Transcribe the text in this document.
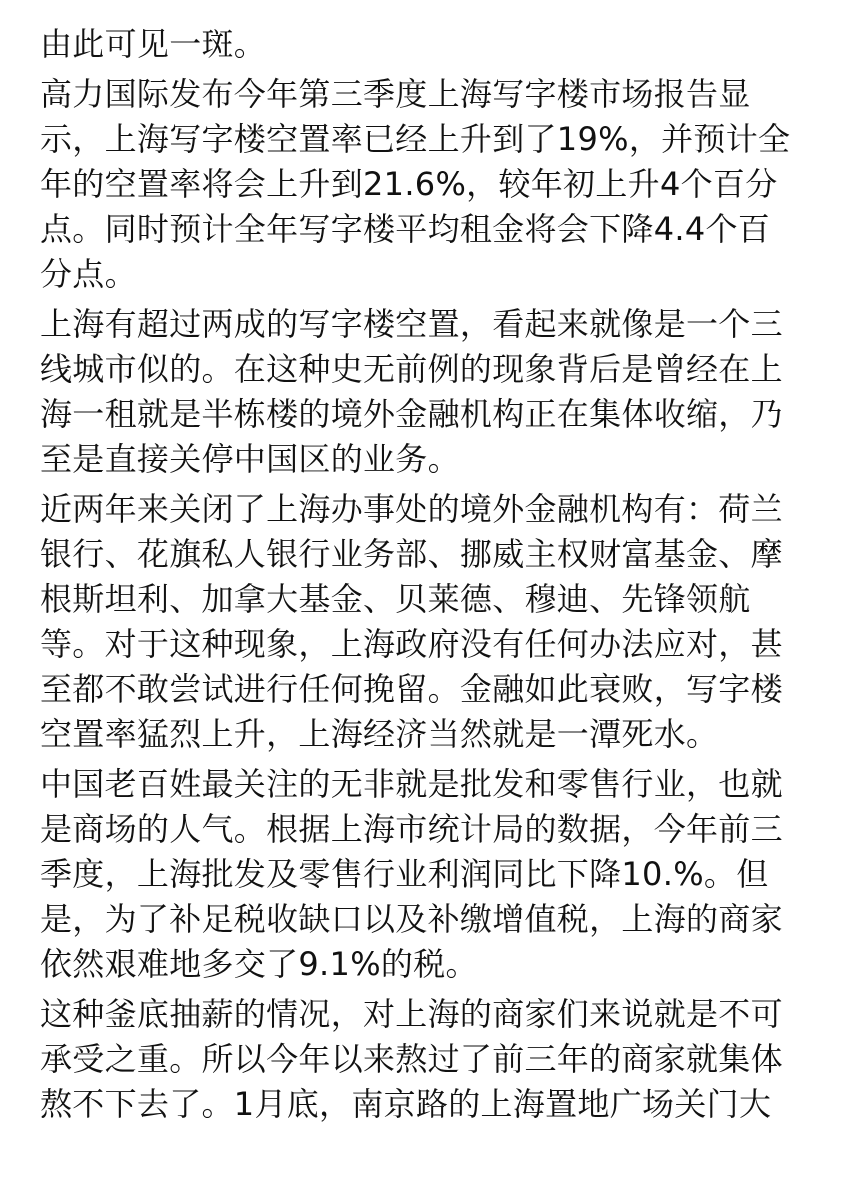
由此可见一斑。
高力国际发布今年第三季度上海写字楼市场报告显
示，上海写字楼空置率已经上升到了19%，并预计全
年的空置率将会上升到21.6%，较年初上升4个百分
点。同时预计全年写字楼平均租金将会下降4.4个百
分点。
上海有超过两成的写字楼空置，看起来就像是一个三
线城市似的。在这种史无前例的现象背后是曾经在上
海一租就是半栋楼的境外金融机构正在集体收缩，乃
至是直接关停中国区的业务。
近两年来关闭了上海办事处的境外金融机构有：荷兰
银行、花旗私人银行业务部、挪威主权财富基金、摩
根斯坦利、加拿大基金、贝莱德、穆迪、先锋领航
等。对于这种现象，上海政府没有任何办法应对，甚
至都不敢尝试进行任何挽留。金融如此衰败，写字楼
空置率猛烈上升，上海经济当然就是一潭死水。
中国老百姓最关注的无非就是批发和零售行业，也就
是商场的人气。根据上海市统计局的数据，今年前三
季度，上海批发及零售行业利润同比下降10.%。但
是，为了补足税收缺口以及补缴增值税，上海的商家
依然艰难地多交了9.1%的税。
这种釜底抽薪的情况，对上海的商家们来说就是不可
承受之重。所以今年以来熬过了前三年的商家就集体
熬不下去了。1月底，南京路的上海置地广场关门大
